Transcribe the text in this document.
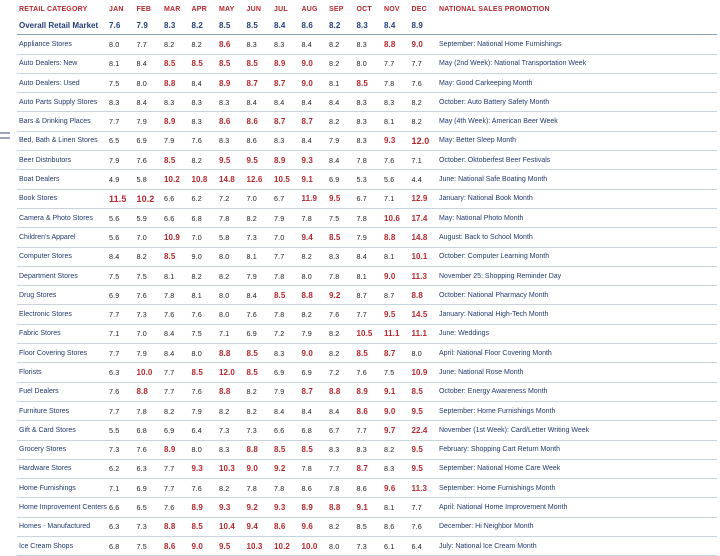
RETAIL CATEGORY	JAN	FEB	MAR	APR	MAY	JUN	JUL	AUG	SEP	OCT	NOV	DEC	NATIONAL SALES PROMOTION
Overall Retail Market	7.6	7.9	8.3	8.2	8.5	8.5	8.4	8.6	8.2	8.3	8.4	8.9	
Appliance Stores	8.0	7.7	8.2	8.2	8.6	8.3	8.3	8.4	8.2	8.3	8.8	9.0	September: National Home Furnishings
Auto Dealers: New	8.1	8.4	8.5	8.5	8.5	8.5	8.9	9.0	8.2	8.0	7.7	7.7	May (2nd Week): National Transportation Week
Auto Dealers: Used	7.5	8.0	8.8	8.4	8.9	8.7	8.7	9.0	8.1	8.5	7.8	7.6	May: Good Carkeeping Month
Auto Parts Supply Stores	8.3	8.4	8.3	8.3	8.3	8.4	8.4	8.4	8.4	8.3	8.3	8.2	October: Auto Battery Safety Month
Bars & Drinking Places	7.7	7.9	8.9	8.3	8.6	8.6	8.7	8.7	8.2	8.3	8.1	8.2	May (4th Week): American Beer Week
Bed, Bath & Linen Stores	6.5	6.9	7.9	7.6	8.3	8.6	8.3	8.4	7.9	8.3	9.3	12.0	May: Better Sleep Month
Beer Distributors	7.9	7.6	8.5	8.2	9.5	9.5	8.9	9.3	8.4	7.8	7.6	7.1	October: Oktoberfest Beer Festivals
Boat Dealers	4.9	5.8	10.2	10.8	14.8	12.6	10.5	9.1	6.9	5.3	5.6	4.4	June: National Safe Boating Month
Book Stores	11.5	10.2	6.6	6.2	7.2	7.0	6.7	11.9	9.5	6.7	7.1	12.9	January: National Book Month
Camera & Photo Stores	5.6	5.9	6.6	6.8	7.8	8.2	7.9	7.8	7.5	7.8	10.6	17.4	May: National Photo Month
Children's Apparel	5.6	7.0	10.9	7.0	5.8	7.3	7.0	9.4	8.5	7.9	8.8	14.8	August: Back to School Month
Computer Stores	8.4	8.2	8.5	9.0	8.0	8.1	7.7	8.2	8.3	8.4	8.1	10.1	October: Computer Learning Month
Department Stores	7.5	7.5	8.1	8.2	8.2	7.9	7.8	8.0	7.8	8.1	9.0	11.3	November 25: Shopping Reminder Day
Drug Stores	6.9	7.6	7.8	8.1	8.0	8.4	8.5	8.8	9.2	8.7	8.7	8.8	October: National Pharmacy Month
Electronic Stores	7.7	7.3	7.6	7.6	8.0	7.6	7.8	8.2	7.6	7.7	9.5	14.5	January: National High-Tech Month
Fabric Stores	7.1	7.0	8.4	7.5	7.1	6.9	7.2	7.9	8.2	10.5	11.1	11.1	June: Weddings
Floor Covering Stores	7.7	7.9	8.4	8.0	8.8	8.5	8.3	9.0	8.2	8.5	8.7	8.0	April: National Floor Covering Month
Florists	6.3	10.0	7.7	8.5	12.0	8.5	6.9	6.9	7.2	7.6	7.5	10.9	June: National Rose Month
Fuel Dealers	7.6	8.8	7.7	7.6	8.8	8.2	7.9	8.7	8.8	8.9	9.1	8.5	October: Energy Awareness Month
Furniture Stores	7.7	7.8	8.2	7.9	8.2	8.2	8.4	8.4	8.4	8.6	9.0	9.5	September: Home Furnishings Month
Gift & Card Stores	5.5	6.8	6.9	6.4	7.3	7.3	6.6	6.8	6.7	7.7	9.7	22.4	November (1st Week): Card/Letter Writing Week
Grocery Stores	7.3	7.6	8.9	8.0	8.3	8.8	8.5	8.5	8.3	8.3	8.2	9.5	February: Shopping Cart Return Month
Hardware Stores	6.2	6.3	7.7	9.3	10.3	9.0	9.2	7.8	7.7	8.7	8.3	9.5	September: National Home Care Week
Home Furnishings	7.1	6.9	7.7	7.6	8.2	7.8	7.8	8.6	7.8	8.6	9.6	11.3	September: Home Furnishings Month
Home Improvement Centers	6.6	6.5	7.6	8.9	9.3	9.2	9.3	8.9	8.8	9.1	8.1	7.7	April: National Home Improvement Month
Homes - Manufactured	6.3	7.3	8.8	8.5	10.4	9.4	8.6	9.6	8.2	8.5	8.6	7.6	December: Hi Neighbor Month
Ice Cream Shops	6.8	7.5	8.6	9.0	9.5	10.3	10.2	10.0	8.0	7.3	6.1	6.4	July: National Ice Cream Month
